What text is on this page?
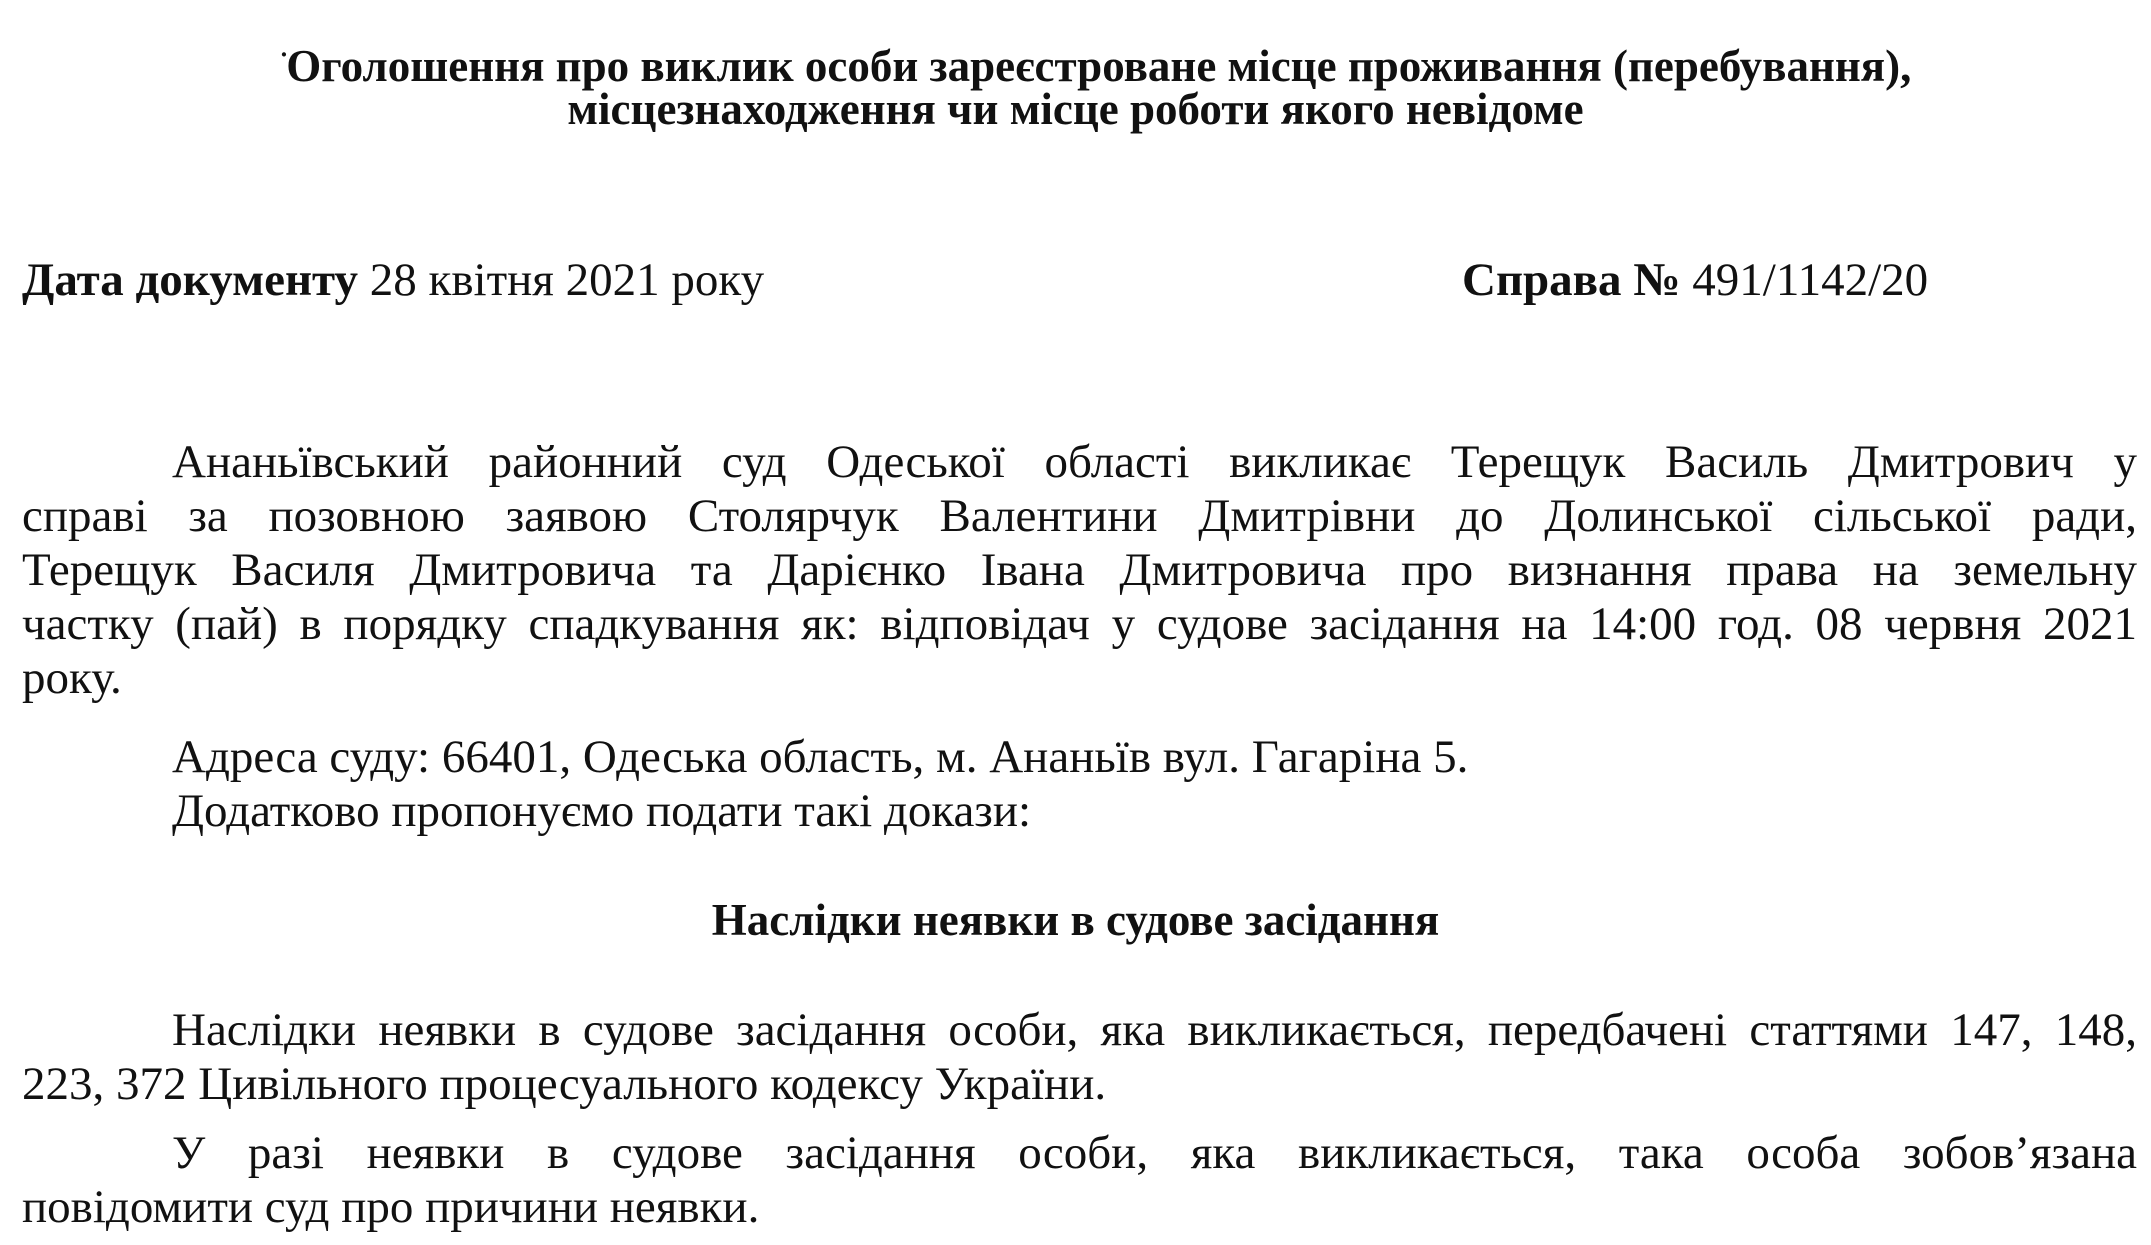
·Оголошення про виклик особи зареєстроване місце проживання (перебування),
місцезнаходження чи місце роботи якого невідоме
Дата документу 28 квітня 2021 року	Справа № 491/1142/20
Ананьївський районний суд Одеської області викликає Терещук Василь Дмитрович у
справі за позовною заявою Столярчук Валентини Дмитрівни до Долинської сільської ради,
Терещук Василя Дмитровича та Дарієнко Івана Дмитровича про визнання права на земельну
частку (пай) в порядку спадкування як: відповідач у судове засідання на 14:00 год. 08 червня 2021
року.
Адреса суду: 66401, Одеська область, м. Ананьїв вул. Гагаріна 5.
Додатково пропонуємо подати такі докази:
Наслідки неявки в судове засідання особи, яка викликається, передбачені статтями 147, 148,
223, 372 Цивільного процесуального кодексу України.
У разі неявки в судове засідання особи, яка викликається, така особа зобов’язана
повідомити суд про причини неявки.
Наслідки неявки в судове засідання
